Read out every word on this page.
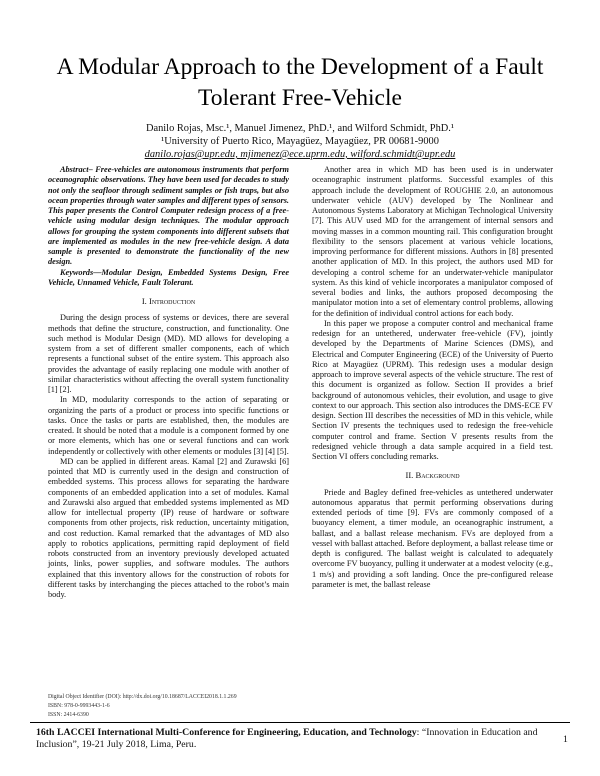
A Modular Approach to the Development of a Fault Tolerant Free-Vehicle
Danilo Rojas, Msc.¹, Manuel Jimenez, PhD.¹, and Wilford Schmidt, PhD.¹
¹University of Puerto Rico, Mayagüez, Mayagüez, PR 00681-9000
danilo.rojas@upr.edu, mjimenez@ece.uprm.edu, wilford.schmidt@upr.edu

Abstract– Free-vehicles are autonomous instruments that perform oceanographic observations. They have been used for decades to study not only the seafloor through sediment samples or fish traps, but also ocean properties through water samples and different types of sensors. This paper presents the Control Computer redesign process of a free-vehicle using modular design techniques. The modular approach allows for grouping the system components into different subsets that are implemented as modules in the new free-vehicle design. A data sample is presented to demonstrate the functionality of the new design.

Keywords—Modular Design, Embedded Systems Design, Free Vehicle, Unnamed Vehicle, Fault Tolerant.

I. Introduction

During the design process of systems or devices, there are several methods that define the structure, construction, and functionality. One such method is Modular Design (MD). MD allows for developing a system from a set of different smaller components, each of which represents a functional subset of the entire system. This approach also provides the advantage of easily replacing one module with another of similar characteristics without affecting the overall system functionality [1] [2].

In MD, modularity corresponds to the action of separating or organizing the parts of a product or process into specific functions or tasks. Once the tasks or parts are established, then, the modules are created. It should be noted that a module is a component formed by one or more elements, which has one or several functions and can work independently or collectively with other elements or modules [3] [4] [5].

MD can be applied in different areas. Kamal [2] and Zurawski [6] pointed that MD is currently used in the design and construction of embedded systems. This process allows for separating the hardware components of an embedded application into a set of modules. Kamal and Zurawski also argued that embedded systems implemented as MD allow for intellectual property (IP) reuse of hardware or software components from other projects, risk reduction, uncertainty mitigation, and cost reduction. Kamal remarked that the advantages of MD also apply to robotics applications, permitting rapid deployment of field robots constructed from an inventory previously developed actuated joints, links, power supplies, and software modules. The authors explained that this inventory allows for the construction of robots for different tasks by interchanging the pieces attached to the robot’s main body.

Another area in which MD has been used is in underwater oceanographic instrument platforms. Successful examples of this approach include the development of ROUGHIE 2.0, an autonomous underwater vehicle (AUV) developed by The Nonlinear and Autonomous Systems Laboratory at Michigan Technological University [7]. This AUV used MD for the arrangement of internal sensors and moving masses in a common mounting rail. This configuration brought flexibility to the sensors placement at various vehicle locations, improving performance for different missions. Authors in [8] presented another application of MD. In this project, the authors used MD for developing a control scheme for an underwater-vehicle manipulator system. As this kind of vehicle incorporates a manipulator composed of several bodies and links, the authors proposed decomposing the manipulator motion into a set of elementary control problems, allowing for the definition of individual control actions for each body.

In this paper we propose a computer control and mechanical frame redesign for an untethered, underwater free-vehicle (FV), jointly developed by the Departments of Marine Sciences (DMS), and Electrical and Computer Engineering (ECE) of the University of Puerto Rico at Mayagüez (UPRM). This redesign uses a modular design approach to improve several aspects of the vehicle structure. The rest of this document is organized as follow. Section II provides a brief background of autonomous vehicles, their evolution, and usage to give context to our approach. This section also introduces the DMS-ECE FV design. Section III describes the necessities of MD in this vehicle, while Section IV presents the techniques used to redesign the free-vehicle computer control and frame. Section V presents results from the redesigned vehicle through a data sample acquired in a field test. Section VI offers concluding remarks.

II. Background

Priede and Bagley defined free-vehicles as untethered underwater autonomous apparatus that permit performing observations during extended periods of time [9]. FVs are commonly composed of a buoyancy element, a timer module, an oceanographic instrument, a ballast, and a ballast release mechanism. FVs are deployed from a vessel with ballast attached. Before deployment, a ballast release time or depth is configured. The ballast weight is calculated to adequately overcome FV buoyancy, pulling it underwater at a modest velocity (e.g., 1 m/s) and providing a soft landing. Once the pre-configured release parameter is met, the ballast release

Digital Object Identifier (DOI): http://dx.doi.org/10.18687/LACCEI2018.1.1.269
ISBN: 978-0-9993443-1-6
ISSN: 2414-6390
16th LACCEI International Multi-Conference for Engineering, Education, and Technology: “Innovation in Education and Inclusion”, 19-21 July 2018, Lima, Peru.	1
